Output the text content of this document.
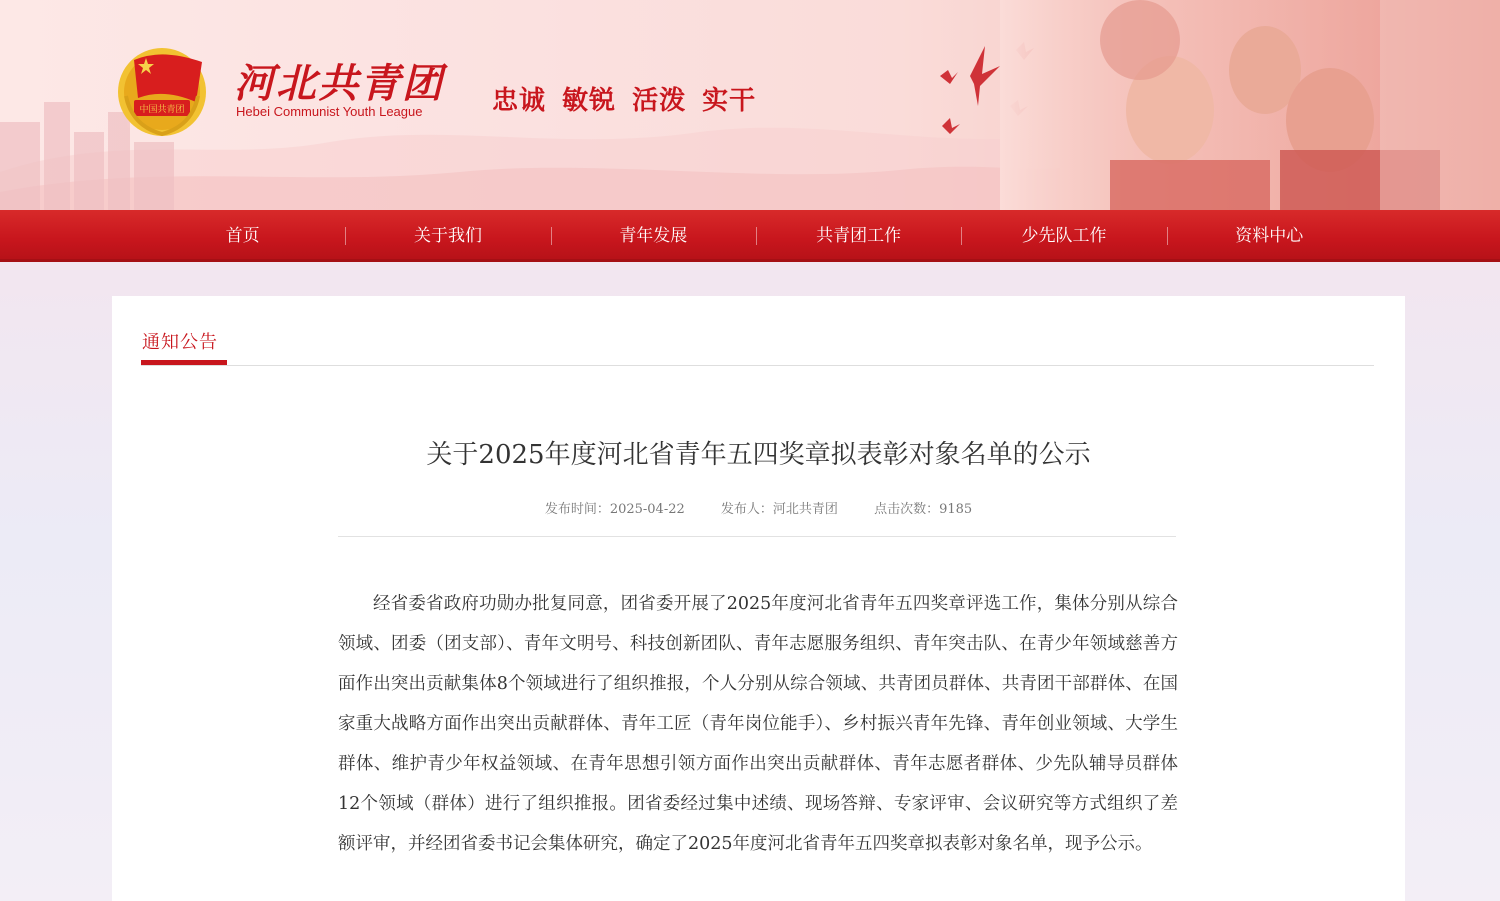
中国共青团
河北共青团
Hebei Communist Youth League	忠诚 敏锐 活泼 实干
首页	关于我们	青年发展	共青团工作	少先队工作	资料中心
通知公告
关于2025年度河北省青年五四奖章拟表彰对象名单的公示
发布时间：2025-04-22	发布人：河北共青团	点击次数：9185

经省委省政府功勋办批复同意，团省委开展了2025年度河北省青年五四奖章评选工作，集体分别从综合领域、团委（团支部）、青年文明号、科技创新团队、青年志愿服务组织、青年突击队、在青少年领域慈善方面作出突出贡献集体8个领域进行了组织推报，个人分别从综合领域、共青团员群体、共青团干部群体、在国家重大战略方面作出突出贡献群体、青年工匠（青年岗位能手）、乡村振兴青年先锋、青年创业领域、大学生群体、维护青少年权益领域、在青年思想引领方面作出突出贡献群体、青年志愿者群体、少先队辅导员群体12个领域（群体）进行了组织推报。团省委经过集中述绩、现场答辩、专家评审、会议研究等方式组织了差额评审，并经团省委书记会集体研究，确定了2025年度河北省青年五四奖章拟表彰对象名单，现予公示。
